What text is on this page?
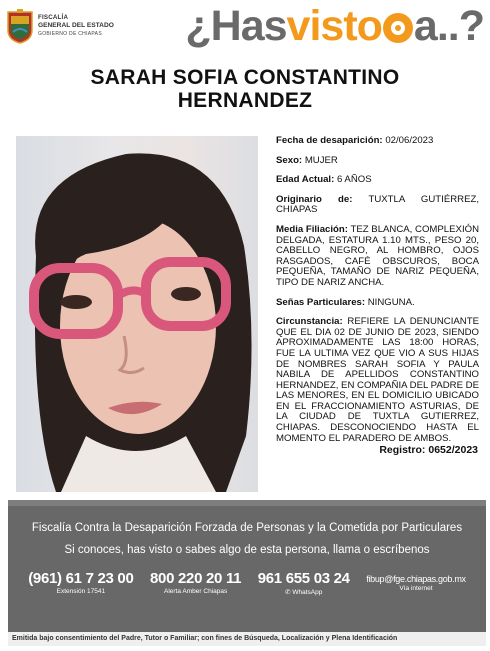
FISCALÍA
GENERAL DEL ESTADO
GOBIERNO DE CHIAPAS ¿Hasvisto a..?
SARAH SOFIA CONSTANTINO
HERNANDEZ
Fecha de desaparición: 02/06/2023
Sexo: MUJER
Edad Actual: 6 AÑOS
Originario de: TUXTLA GUTIÉRREZ, CHIAPAS
Media Filiación: TEZ BLANCA, COMPLEXIÓN DELGADA, ESTATURA 1.10 MTS., PESO 20, CABELLO NEGRO, AL HOMBRO, OJOS RASGADOS, CAFÉ OBSCUROS, BOCA PEQUEÑA, TAMAÑO DE NARIZ PEQUEÑA, TIPO DE NARIZ ANCHA.
Señas Particulares: NINGUNA.
Circunstancia: REFIERE LA DENUNCIANTE QUE EL DIA 02 DE JUNIO DE 2023, SIENDO APROXIMADAMENTE LAS 18:00 HORAS, FUE LA ULTIMA VEZ QUE VIO A SUS HIJAS DE NOMBRES SARAH SOFIA Y PAULA NABILA DE APELLIDOS CONSTANTINO HERNANDEZ, EN COMPAÑIA DEL PADRE DE LAS MENORES, EN EL DOMICILIO UBICADO EN EL FRACCIONAMIENTO ASTURIAS, DE LA CIUDAD DE TUXTLA GUTIERREZ, CHIAPAS. DESCONOCIENDO HASTA EL MOMENTO EL PARADERO DE AMBOS.
Registro: 0652/2023
Fiscalía Contra la Desaparición Forzada de Personas y la Cometida por Particulares
Si conoces, has visto o sabes algo de esta persona, llama o escríbenos
(961) 61 7 23 00
Extensión 17541
800 220 20 11
Alerta Amber Chiapas
961 655 03 24
✆ WhatsApp
fibup@fge.chiapas.gob.mx
Vía internet
Emitida bajo consentimiento del Padre, Tutor o Familiar; con fines de Búsqueda, Localización y Plena Identificación
